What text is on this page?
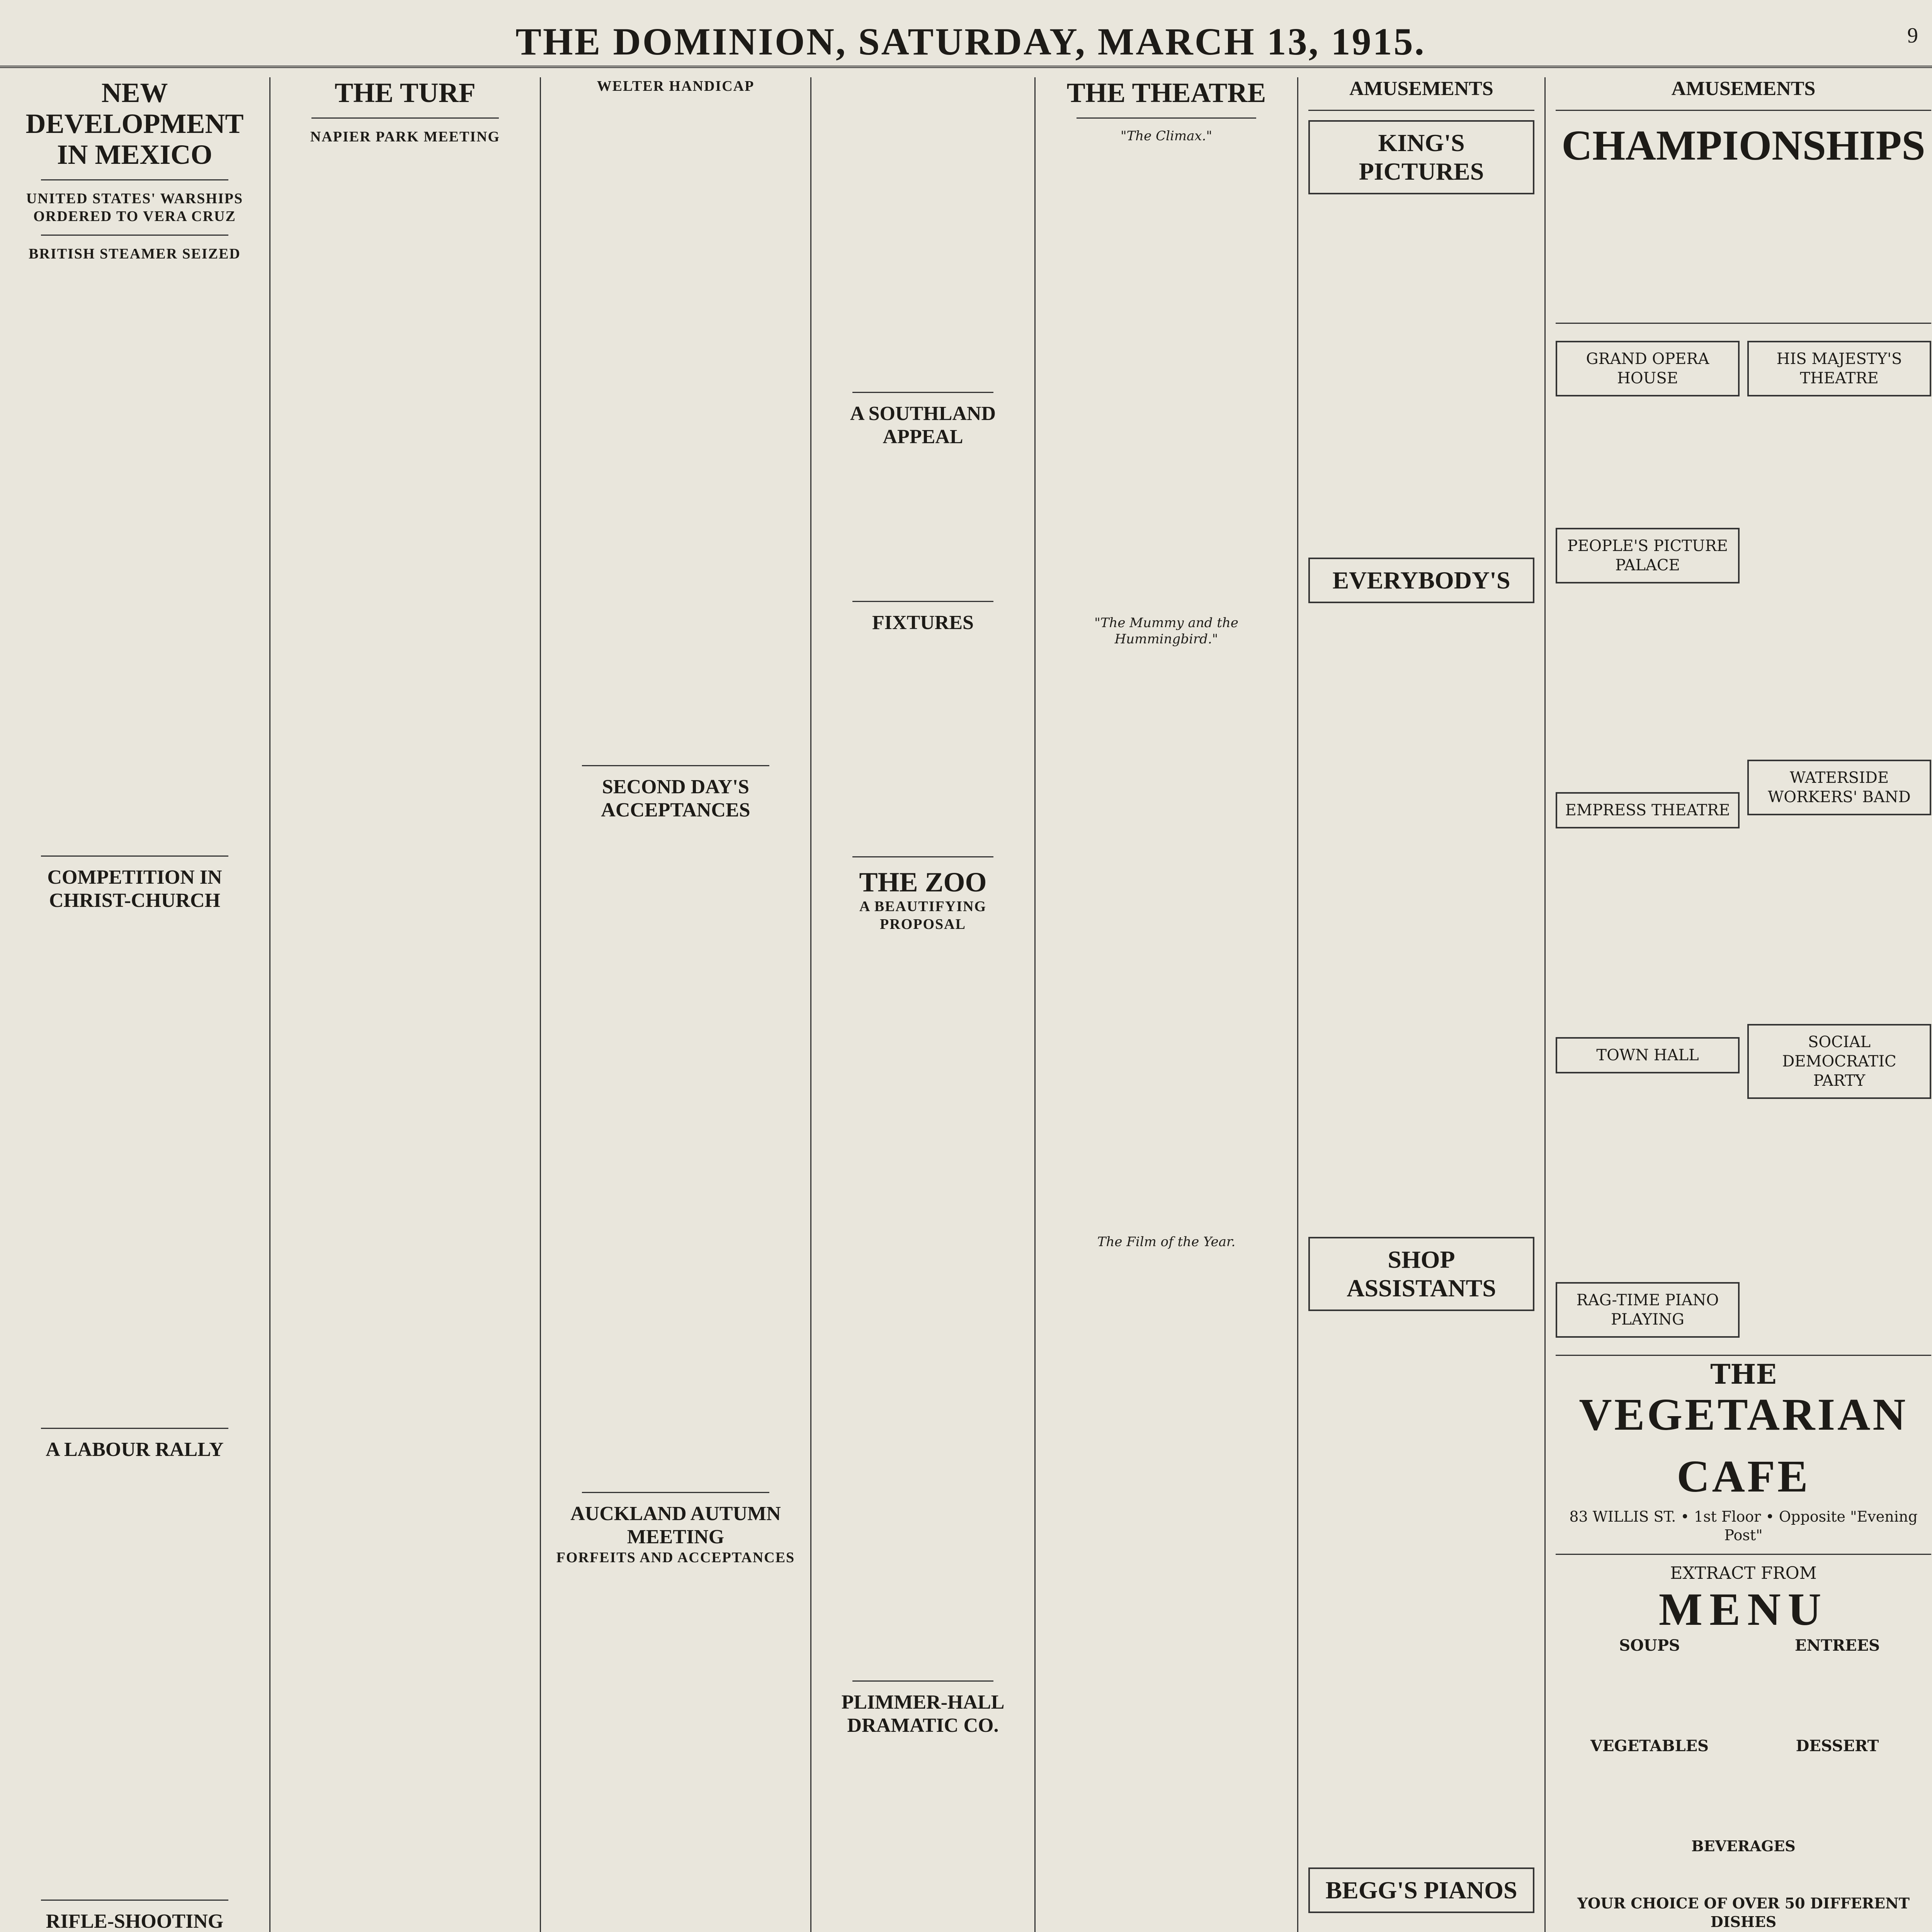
THE DOMINION, SATURDAY, MARCH 13, 1915.	9

NEW DEVELOPMENT IN MEXICO

UNITED STATES' WARSHIPS ORDERED TO VERA CRUZ

BRITISH STEAMER SEIZED

COMPETITION IN CHRIST-CHURCH

A LABOUR RALLY

RIFLE-SHOOTING

THE TURF

NAPIER PARK MEETING

WELTER HANDICAP

SECOND DAY'S ACCEPTANCES

AUCKLAND AUTUMN MEETING

FORFEITS AND ACCEPTANCES

A SOUTHLAND APPEAL

FIXTURES

THE ZOO

A BEAUTIFYING PROPOSAL

PLIMMER-HALL DRAMATIC CO.

THE THEATRE

"The Climax."

"The Mummy and the Hummingbird."

The Film of the Year.

AMUSEMENTS

KING'S PICTURES
EVERYBODY'S
SHOP ASSISTANTS
BEGG'S PIANOS

AMUSEMENTS

CHAMPIONSHIPS

GRAND OPERA HOUSE
PEOPLE'S PICTURE PALACE
EMPRESS THEATRE
TOWN HALL
RAG-TIME PIANO PLAYING
HIS MAJESTY'S THEATRE
WATERSIDE WORKERS' BAND
SOCIAL DEMOCRATIC PARTY
THE
VEGETARIAN CAFE
83 WILLIS ST. • 1st Floor • Opposite "Evening Post"
EXTRACT FROM
MENU
SOUPS
VEGETABLES
ENTREES
DESSERT
BEVERAGES
YOUR CHOICE OF OVER 50 DIFFERENT DISHES
